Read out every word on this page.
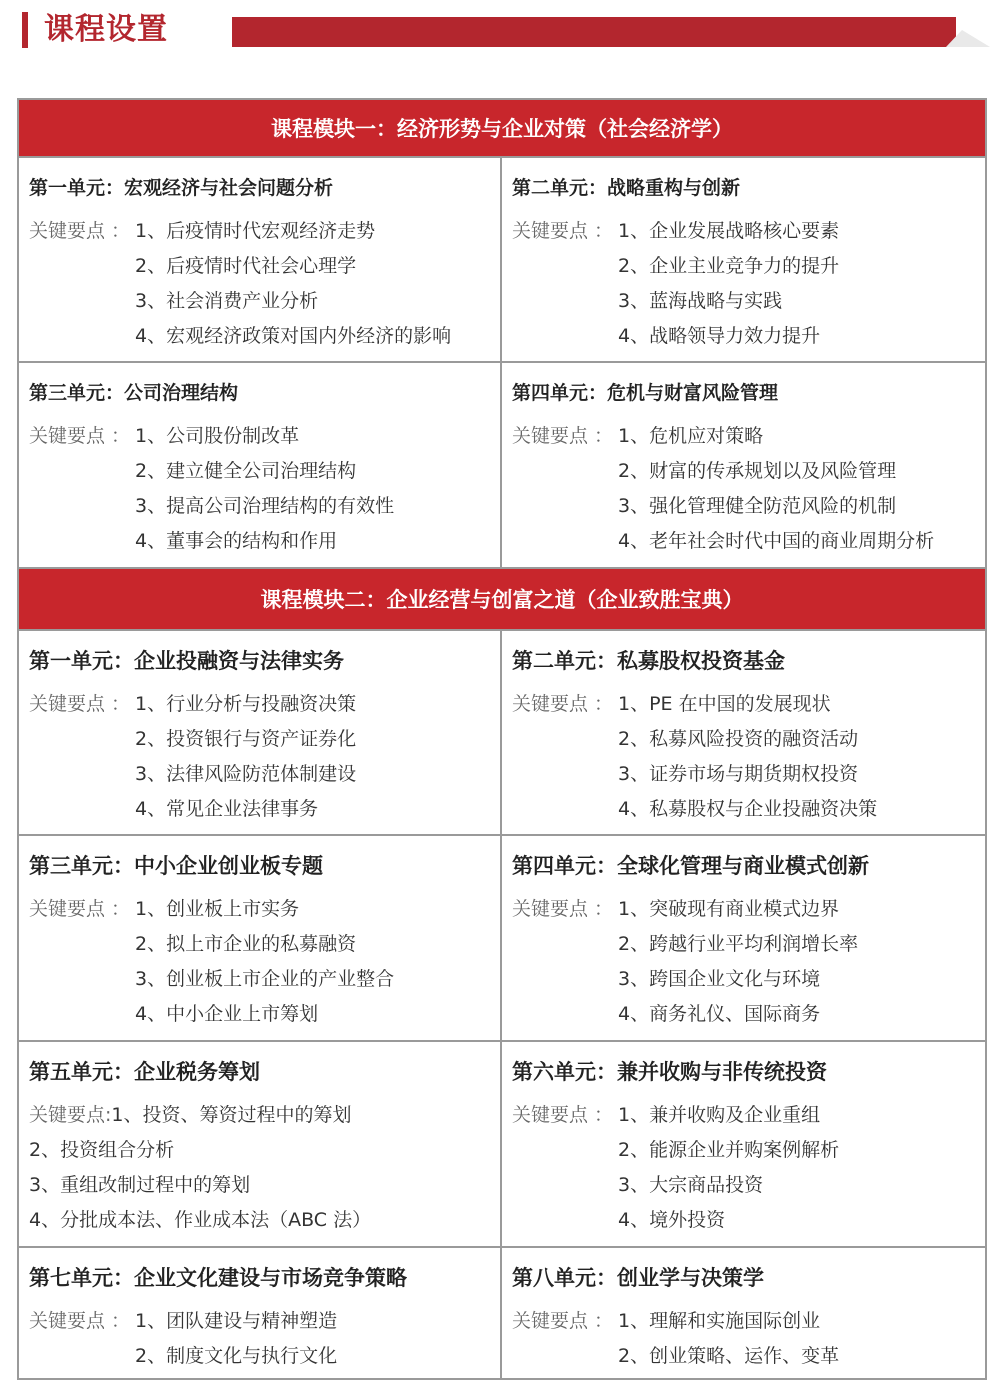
课程设置
课程模块一：经济形势与企业对策（社会经济学）
第一单元：宏观经济与社会问题分析
关键要点 ： 1、后疫情时代宏观经济走势
2、后疫情时代社会心理学
3、社会消费产业分析
4、宏观经济政策对国内外经济的影响
第二单元：战略重构与创新
关键要点 ： 1、企业发展战略核心要素
2、企业主业竞争力的提升
3、蓝海战略与实践
4、战略领导力效力提升
第三单元：公司治理结构
关键要点 ： 1、公司股份制改革
2、建立健全公司治理结构
3、提高公司治理结构的有效性
4、董事会的结构和作用
第四单元：危机与财富风险管理
关键要点 ： 1、危机应对策略
2、财富的传承规划以及风险管理
3、强化管理健全防范风险的机制
4、老年社会时代中国的商业周期分析
课程模块二：企业经营与创富之道（企业致胜宝典）
第一单元：企业投融资与法律实务
关键要点 ： 1、行业分析与投融资决策
2、投资银行与资产证券化
3、法律风险防范体制建设
4、常见企业法律事务
第二单元：私募股权投资基金
关键要点 ： 1、PE 在中国的发展现状
2、私募风险投资的融资活动
3、证券市场与期货期权投资
4、私募股权与企业投融资决策
第三单元：中小企业创业板专题
关键要点 ： 1、创业板上市实务
2、拟上市企业的私募融资
3、创业板上市企业的产业整合
4、中小企业上市筹划
第四单元：全球化管理与商业模式创新
关键要点 ： 1、突破现有商业模式边界
2、跨越行业平均利润增长率
3、跨国企业文化与环境
4、商务礼仪、国际商务
第五单元：企业税务筹划
关键要点:1、投资、筹资过程中的筹划
2、投资组合分析
3、重组改制过程中的筹划
4、分批成本法、作业成本法（ABC 法）
第六单元：兼并收购与非传统投资
关键要点 ： 1、兼并收购及企业重组
2、能源企业并购案例解析
3、大宗商品投资
4、境外投资
第七单元：企业文化建设与市场竞争策略
关键要点 ： 1、团队建设与精神塑造
2、制度文化与执行文化
第八单元：创业学与决策学
关键要点 ： 1、理解和实施国际创业
2、创业策略、运作、变革
